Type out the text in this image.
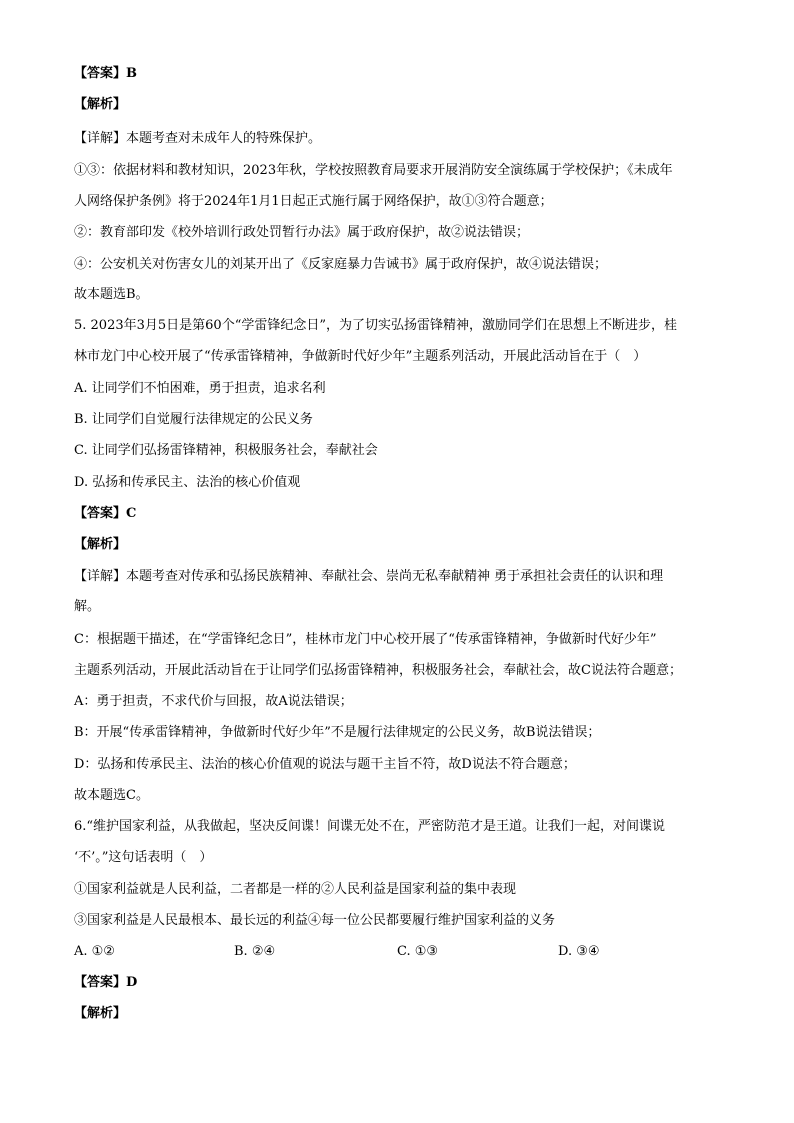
【答案】B
【解析】
【详解】本题考查对未成年人的特殊保护。
①③：依据材料和教材知识，2023年秋，学校按照教育局要求开展消防安全演练属于学校保护；《未成年
人网络保护条例》将于2024年1月1日起正式施行属于网络保护，故①③符合题意；
②：教育部印发《校外培训行政处罚暂行办法》属于政府保护，故②说法错误；
④：公安机关对伤害女儿的刘某开出了《反家庭暴力告诫书》属于政府保护，故④说法错误；
故本题选B。
5. 2023年3月5日是第60个“学雷锋纪念日”，为了切实弘扬雷锋精神，激励同学们在思想上不断进步，桂
林市龙门中心校开展了“传承雷锋精神，争做新时代好少年”主题系列活动，开展此活动旨在于（　）
A. 让同学们不怕困难，勇于担责，追求名利
B. 让同学们自觉履行法律规定的公民义务
C. 让同学们弘扬雷锋精神，积极服务社会，奉献社会
D. 弘扬和传承民主、法治的核心价值观
【答案】C
【解析】
【详解】本题考查对传承和弘扬民族精神、奉献社会、崇尚无私奉献精神 勇于承担社会责任的认识和理
解。
C：根据题干描述，在“学雷锋纪念日”，桂林市龙门中心校开展了“传承雷锋精神，争做新时代好少年”
主题系列活动，开展此活动旨在于让同学们弘扬雷锋精神，积极服务社会，奉献社会，故C说法符合题意；
A：勇于担责，不求代价与回报，故A说法错误；
B：开展“传承雷锋精神，争做新时代好少年”不是履行法律规定的公民义务，故B说法错误；
D：弘扬和传承民主、法治的核心价值观的说法与题干主旨不符，故D说法不符合题意；
故本题选C。
6.“维护国家利益，从我做起，坚决反间谍！间谍无处不在，严密防范才是王道。让我们一起，对间谍说
‘不’。”这句话表明（　）
①国家利益就是人民利益，二者都是一样的②人民利益是国家利益的集中表现
③国家利益是人民最根本、最长远的利益④每一位公民都要履行维护国家利益的义务
A. ①②	B. ②④	C. ①③	D. ③④
【答案】D
【解析】
